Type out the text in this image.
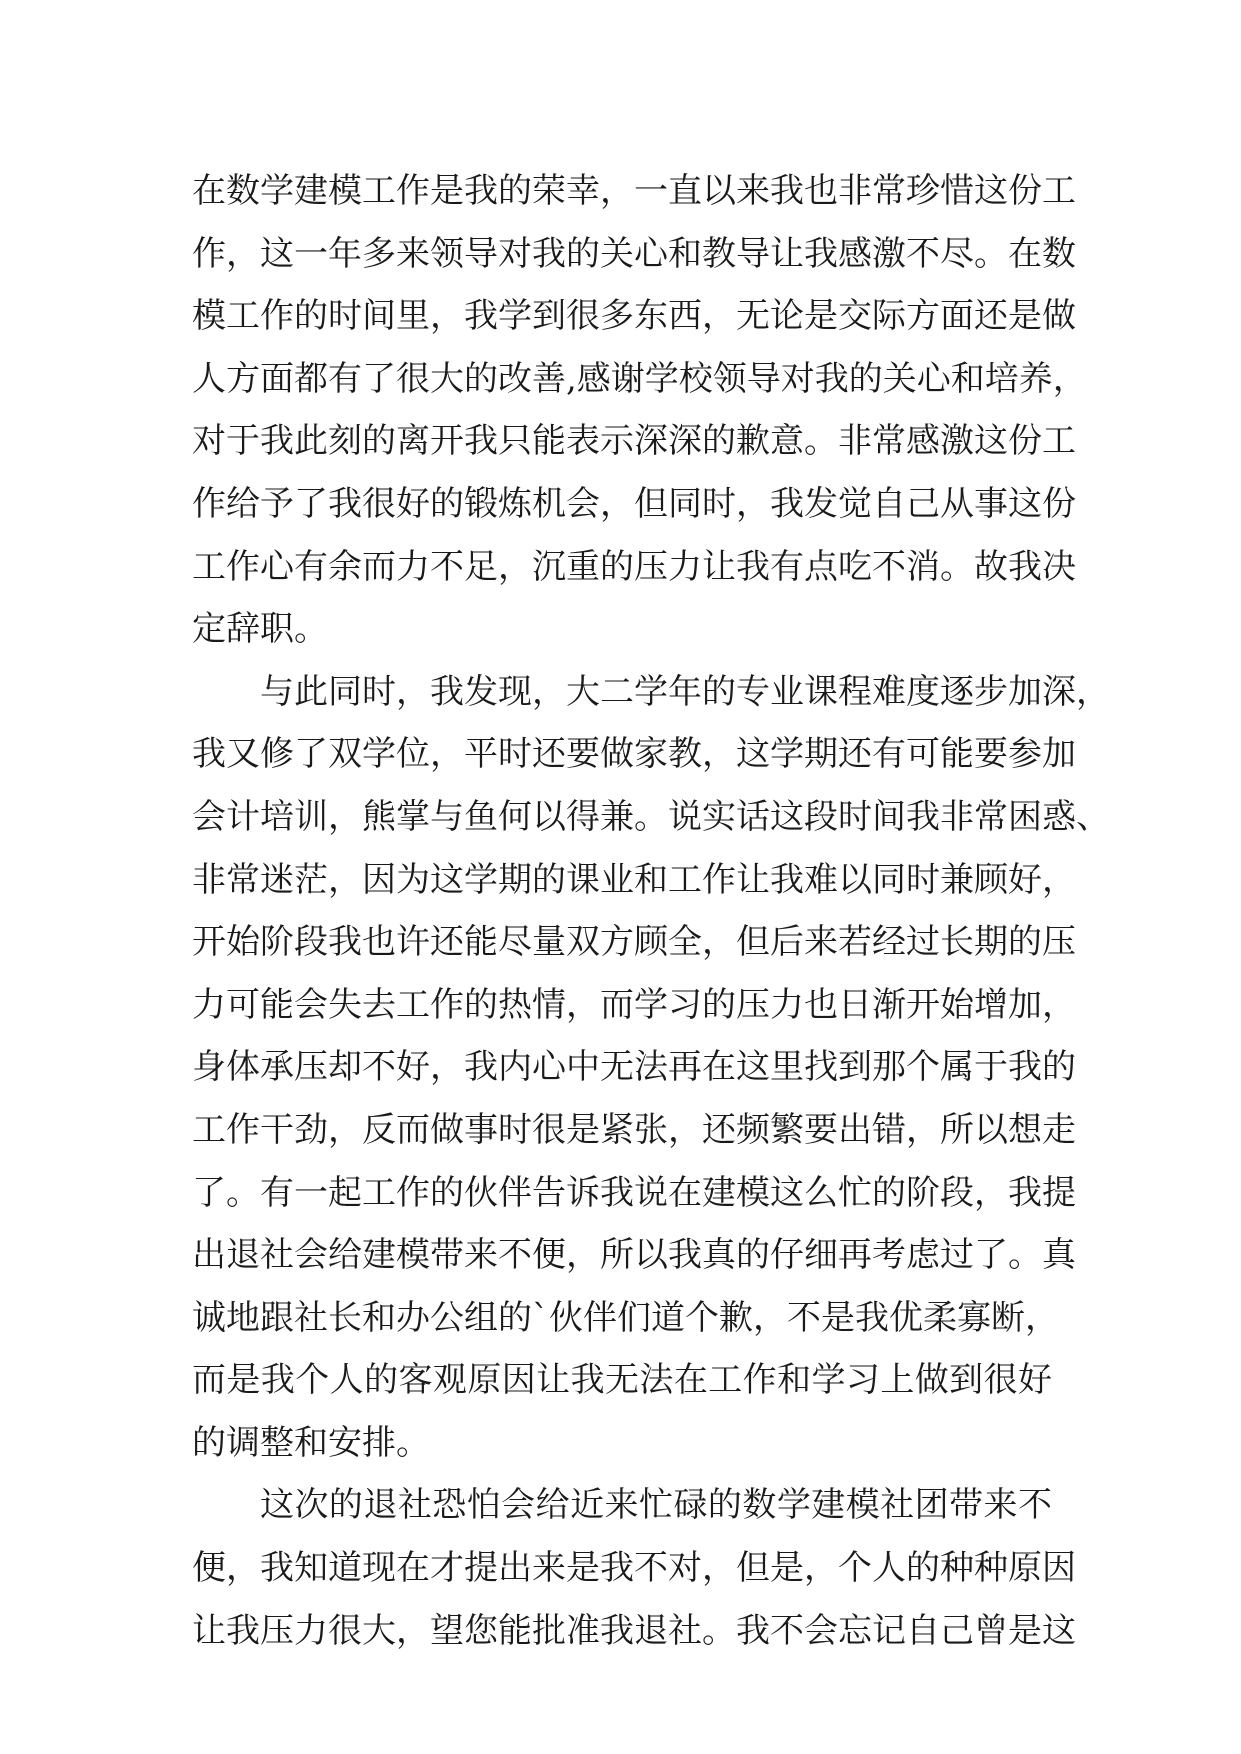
在数学建模工作是我的荣幸，一直以来我也非常珍惜这份工
作，这一年多来领导对我的关心和教导让我感激不尽。在数
模工作的时间里，我学到很多东西，无论是交际方面还是做
人方面都有了很大的改善,感谢学校领导对我的关心和培养，
对于我此刻的离开我只能表示深深的歉意。非常感激这份工
作给予了我很好的锻炼机会，但同时，我发觉自己从事这份
工作心有余而力不足，沉重的压力让我有点吃不消。故我决
定辞职。
与此同时，我发现，大二学年的专业课程难度逐步加深，
我又修了双学位，平时还要做家教，这学期还有可能要参加
会计培训，熊掌与鱼何以得兼。说实话这段时间我非常困惑、
非常迷茫，因为这学期的课业和工作让我难以同时兼顾好，
开始阶段我也许还能尽量双方顾全，但后来若经过长期的压
力可能会失去工作的热情，而学习的压力也日渐开始增加，
身体承压却不好，我内心中无法再在这里找到那个属于我的
工作干劲，反而做事时很是紧张，还频繁要出错，所以想走
了。有一起工作的伙伴告诉我说在建模这么忙的阶段，我提
出退社会给建模带来不便，所以我真的仔细再考虑过了。真
诚地跟社长和办公组的`伙伴们道个歉，不是我优柔寡断，
而是我个人的客观原因让我无法在工作和学习上做到很好
的调整和安排。
这次的退社恐怕会给近来忙碌的数学建模社团带来不
便，我知道现在才提出来是我不对，但是，个人的种种原因
让我压力很大，望您能批准我退社。我不会忘记自己曾是这
